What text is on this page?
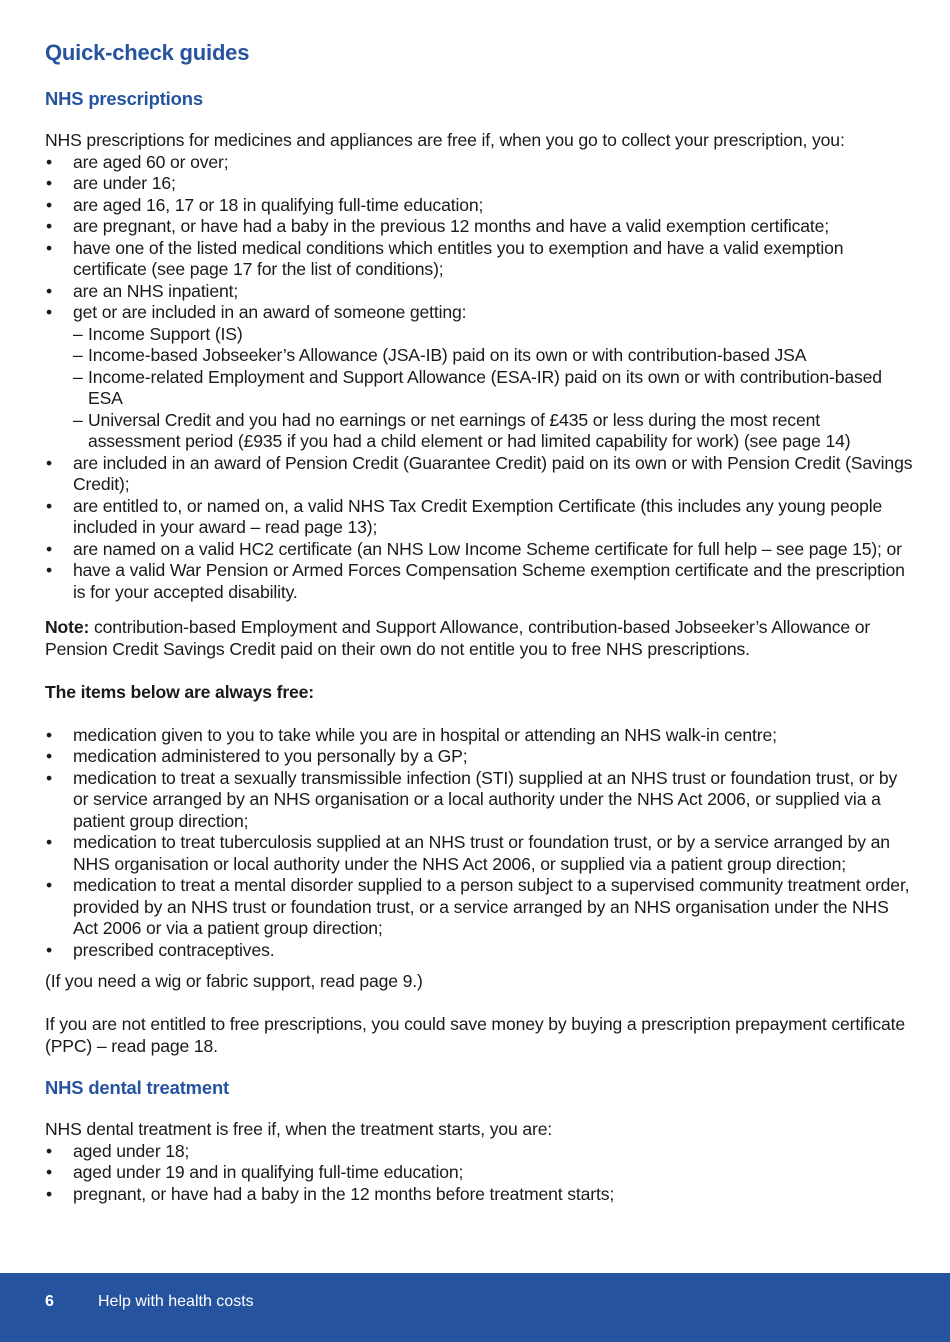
Quick-check guides
NHS prescriptions

NHS prescriptions for medicines and appliances are free if, when you go to collect your prescription, you:

• are aged 60 or over;
• are under 16;
• are aged 16, 17 or 18 in qualifying full-time education;
• are pregnant, or have had a baby in the previous 12 months and have a valid exemption certificate;
• have one of the listed medical conditions which entitles you to exemption and have a valid exemption certificate (see page 17 for the list of conditions);
• are an NHS inpatient;
• get or are included in an award of someone getting:
– Income Support (IS)
– Income-based Jobseeker’s Allowance (JSA-IB) paid on its own or with contribution-based JSA
– Income-related Employment and Support Allowance (ESA-IR) paid on its own or with contribution-based ESA
– Universal Credit and you had no earnings or net earnings of £435 or less during the most recent assessment period (£935 if you had a child element or had limited capability for work) (see page 14)
• are included in an award of Pension Credit (Guarantee Credit) paid on its own or with Pension Credit (Savings Credit);
• are entitled to, or named on, a valid NHS Tax Credit Exemption Certificate (this includes any young people included in your award – read page 13);
• are named on a valid HC2 certificate (an NHS Low Income Scheme certificate for full help – see page 15); or
• have a valid War Pension or Armed Forces Compensation Scheme exemption certificate and the prescription is for your accepted disability.

Note: contribution-based Employment and Support Allowance, contribution-based Jobseeker’s Allowance or Pension Credit Savings Credit paid on their own do not entitle you to free NHS prescriptions.

The items below are always free:

• medication given to you to take while you are in hospital or attending an NHS walk-in centre;
• medication administered to you personally by a GP;
• medication to treat a sexually transmissible infection (STI) supplied at an NHS trust or foundation trust, or by or service arranged by an NHS organisation or a local authority under the NHS Act 2006, or supplied via a patient group direction;
• medication to treat tuberculosis supplied at an NHS trust or foundation trust, or by a service arranged by an NHS organisation or local authority under the NHS Act 2006, or supplied via a patient group direction;
• medication to treat a mental disorder supplied to a person subject to a supervised community treatment order, provided by an NHS trust or foundation trust, or a service arranged by an NHS organisation under the NHS Act 2006 or via a patient group direction;
• prescribed contraceptives.

(If you need a wig or fabric support, read page 9.)

If you are not entitled to free prescriptions, you could save money by buying a prescription prepayment certificate (PPC) – read page 18.

NHS dental treatment

NHS dental treatment is free if, when the treatment starts, you are:

• aged under 18;
• aged under 19 and in qualifying full-time education;
• pregnant, or have had a baby in the 12 months before treatment starts;
6	Help with health costs
